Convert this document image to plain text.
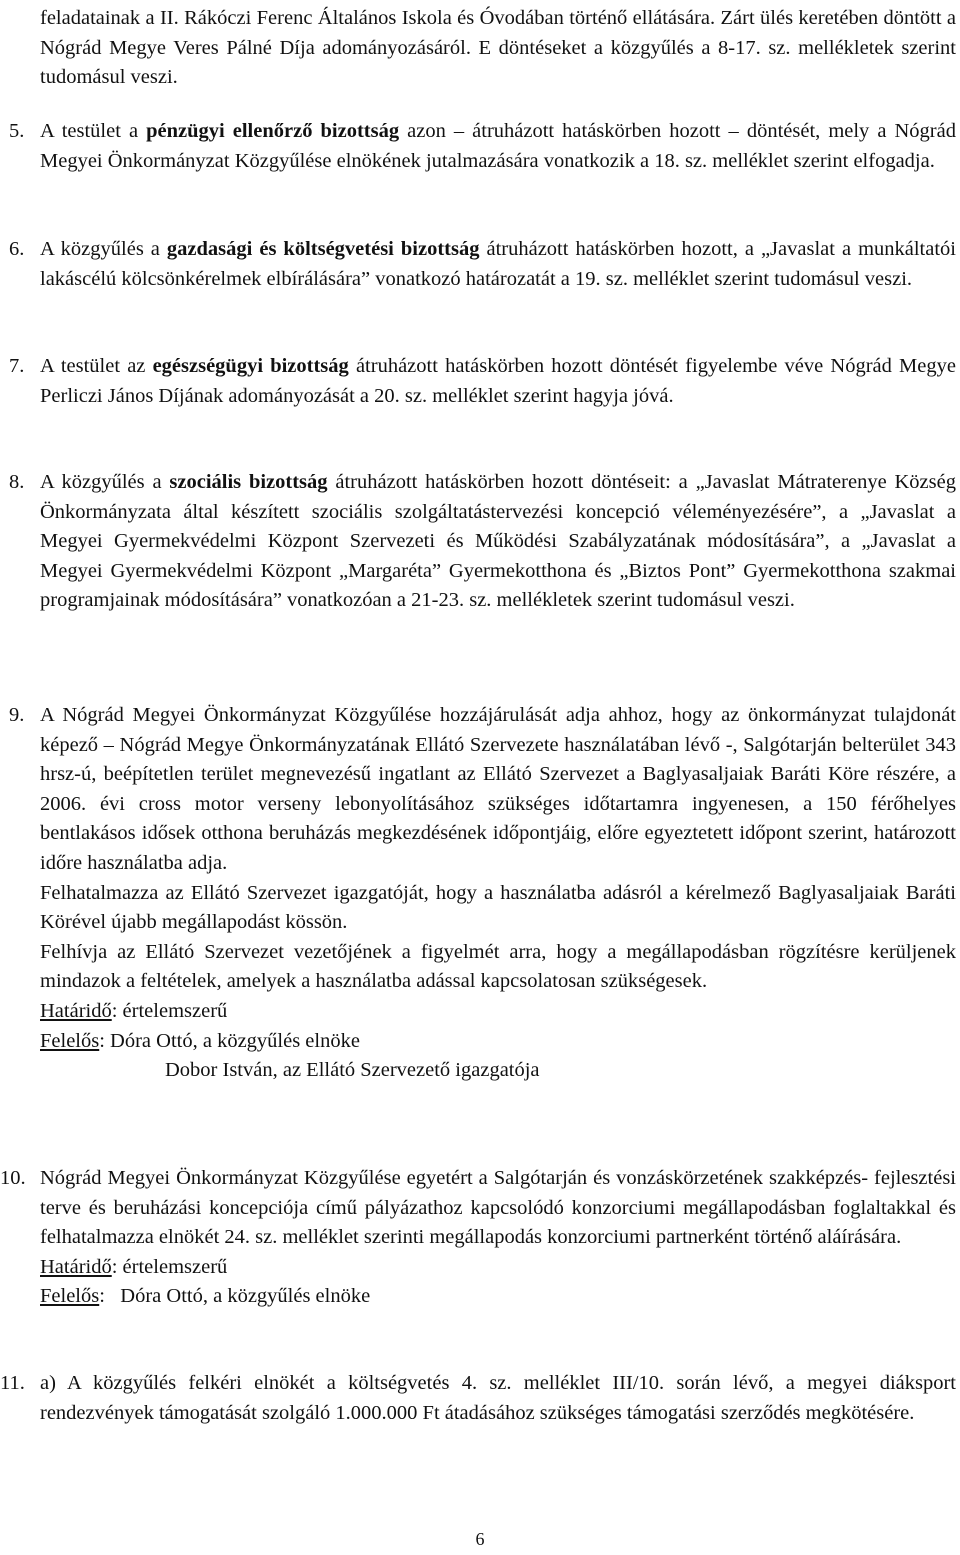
feladatainak a II. Rákóczi Ferenc Általános Iskola és Óvodában történő ellátására. Zárt ülés keretében döntött a Nógrád Megye Veres Pálné Díja adományozásáról. E döntéseket a közgyűlés a 8-17. sz. mellékletek szerint tudomásul veszi.
5. A testület a pénzügyi ellenőrző bizottság azon – átruházott hatáskörben hozott – döntését, mely a Nógrád Megyei Önkormányzat Közgyűlése elnökének jutalmazására vonatkozik a 18. sz. melléklet szerint elfogadja.
6. A közgyűlés a gazdasági és költségvetési bizottság átruházott hatáskörben hozott, a „Javaslat a munkáltatói lakáscélú kölcsönkérelmek elbírálására” vonatkozó határozatát a 19. sz. melléklet szerint tudomásul veszi.
7. A testület az egészségügyi bizottság átruházott hatáskörben hozott döntését figyelembe véve Nógrád Megye Perliczi János Díjának adományozását a 20. sz. melléklet szerint hagyja jóvá.
8. A közgyűlés a szociális bizottság átruházott hatáskörben hozott döntéseit: a „Javaslat Mátraterenye Község Önkormányzata által készített szociális szolgáltatástervezési koncepció véleményezésére”, a „Javaslat a Megyei Gyermekvédelmi Központ Szervezeti és Működési Szabályzatának módosítására”, a „Javaslat a Megyei Gyermekvédelmi Központ „Margaréta” Gyermekotthona és „Biztos Pont” Gyermekotthona szakmai programjainak módosítására” vonatkozóan a 21-23. sz. mellékletek szerint tudomásul veszi.
9. A Nógrád Megyei Önkormányzat Közgyűlése hozzájárulását adja ahhoz, hogy az önkormányzat tulajdonát képező – Nógrád Megye Önkormányzatának Ellátó Szervezete használatában lévő -, Salgótarján belterület 343 hrsz-ú, beépítetlen terület megnevezésű ingatlant az Ellátó Szervezet a Baglyasaljaiak Baráti Köre részére, a 2006. évi cross motor verseny lebonyolításához szükséges időtartamra ingyenesen, a 150 férőhelyes bentlakásos idősek otthona beruházás megkezdésének időpontjáig, előre egyeztetett időpont szerint, határozott időre használatba adja.

Felhatalmazza az Ellátó Szervezet igazgatóját, hogy a használatba adásról a kérelmező Baglyasaljaiak Baráti Körével újabb megállapodást kössön.

Felhívja az Ellátó Szervezet vezetőjének a figyelmét arra, hogy a megállapodásban rögzítésre kerüljenek mindazok a feltételek, amelyek a használatba adással kapcsolatosan szükségesek.

Határidő: értelemszerű

Felelős: Dóra Ottó, a közgyűlés elnöke

Dobor István, az Ellátó Szervezető igazgatója

10. Nógrád Megyei Önkormányzat Közgyűlése egyetért a Salgótarján és vonzáskörzetének szakképzés- fejlesztési terve és beruházási koncepciója című pályázathoz kapcsolódó konzorciumi megállapodásban foglaltakkal és felhatalmazza elnökét 24. sz. melléklet szerinti megállapodás konzorciumi partnerként történő aláírására.

Határidő: értelemszerű

Felelős:   Dóra Ottó, a közgyűlés elnöke

11. a) A közgyűlés felkéri elnökét a költségvetés 4. sz. melléklet III/10. során lévő, a megyei diáksport rendezvények támogatását szolgáló 1.000.000 Ft átadásához szükséges támogatási szerződés megkötésére.

6
